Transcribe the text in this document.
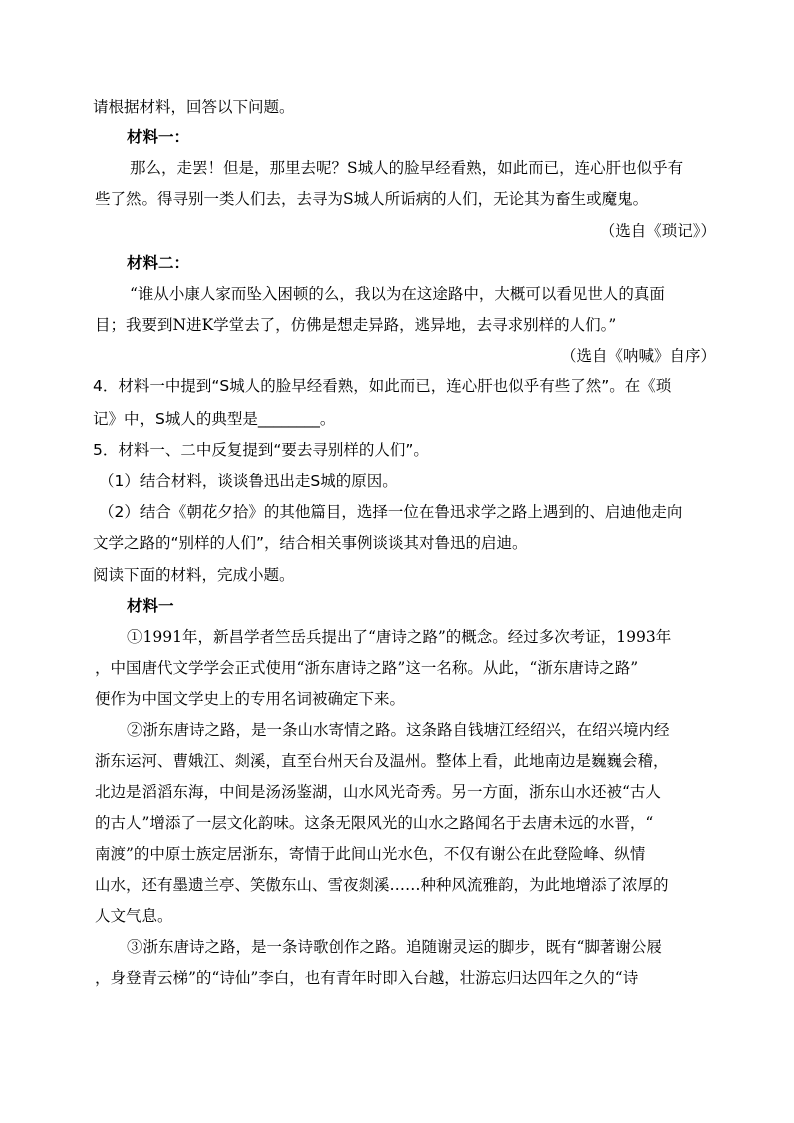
请根据材料，回答以下问题。
材料一：
那么，走罢！但是，那里去呢？S城人的脸早经看熟，如此而已，连心肝也似乎有
些了然。得寻别一类人们去，去寻为S城人所诟病的人们，无论其为畜生或魔鬼。
（选自《琐记》）
材料二：
“谁从小康人家而坠入困顿的么，我以为在这途路中，大概可以看见世人的真面
目；我要到N进K学堂去了，仿佛是想走异路，逃异地，去寻求别样的人们。”
（选自《呐喊》自序）
4．材料一中提到“S城人的脸早经看熟，如此而已，连心肝也似乎有些了然”。在《琐
记》中，S城人的典型是________。
5．材料一、二中反复提到“要去寻别样的人们”。
（1）结合材料，谈谈鲁迅出走S城的原因。
（2）结合《朝花夕拾》的其他篇目，选择一位在鲁迅求学之路上遇到的、启迪他走向
文学之路的“别样的人们”，结合相关事例谈谈其对鲁迅的启迪。
阅读下面的材料，完成小题。
材料一
①1991年，新昌学者竺岳兵提出了“唐诗之路”的概念。经过多次考证，1993年
，中国唐代文学学会正式使用“浙东唐诗之路”这一名称。从此，“浙东唐诗之路”
便作为中国文学史上的专用名词被确定下来。
②浙东唐诗之路，是一条山水寄情之路。这条路自钱塘江经绍兴，在绍兴境内经
浙东运河、曹娥江、剡溪，直至台州天台及温州。整体上看，此地南边是巍巍会稽，
北边是滔滔东海，中间是汤汤鉴湖，山水风光奇秀。另一方面，浙东山水还被“古人
的古人”增添了一层文化韵味。这条无限风光的山水之路闻名于去唐未远的水晋，“
南渡”的中原士族定居浙东，寄情于此间山光水色，不仅有谢公在此登险峰、纵情
山水，还有墨遗兰亭、笑傲东山、雪夜剡溪……种种风流雅韵，为此地增添了浓厚的
人文气息。
③浙东唐诗之路，是一条诗歌创作之路。追随谢灵运的脚步，既有“脚著谢公屐
，身登青云梯”的“诗仙”李白，也有青年时即入台越，壮游忘归达四年之久的“诗
